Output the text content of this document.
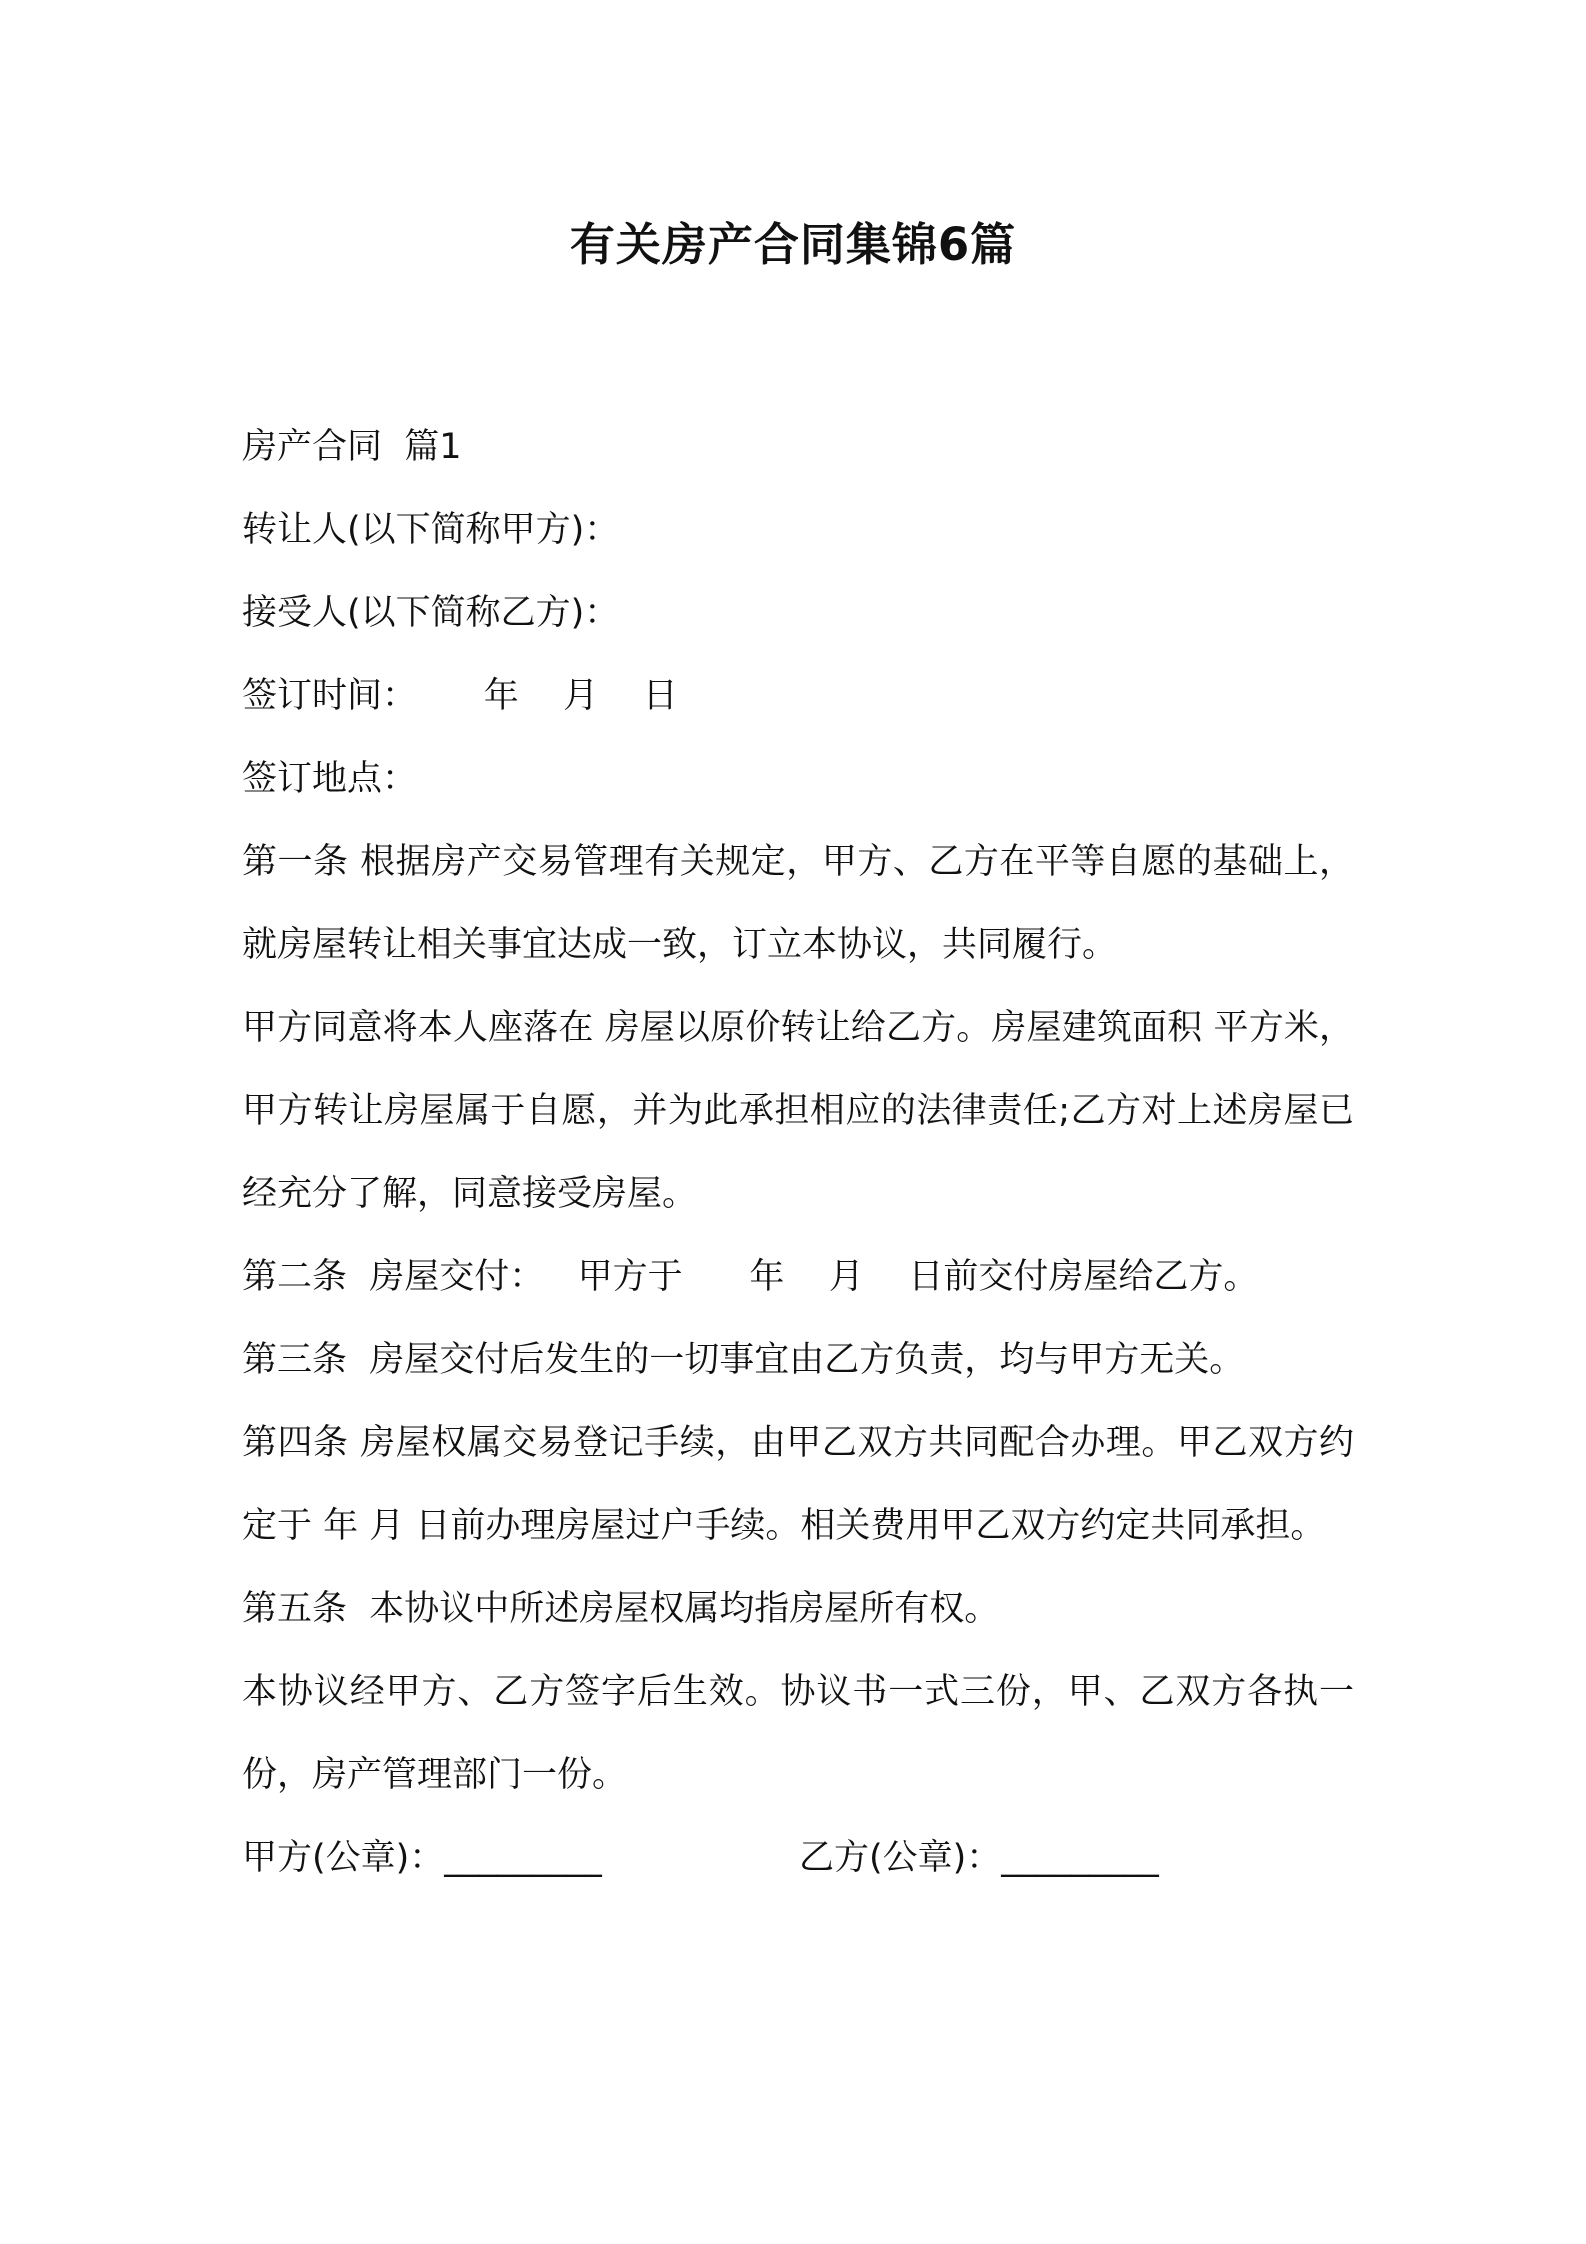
有关房产合同集锦6篇
房产合同  篇1
转让人(以下简称甲方)：
接受人(以下简称乙方)：
签订时间：      年    月    日
签订地点：
第一条 根据房产交易管理有关规定，甲方、乙方在平等自愿的基础上，就房屋转让相关事宜达成一致，订立本协议，共同履行。
甲方同意将本人座落在 房屋以原价转让给乙方。房屋建筑面积 平方米，甲方转让房屋属于自愿，并为此承担相应的法律责任;乙方对上述房屋已经充分了解，同意接受房屋。
第二条  房屋交付：   甲方于      年    月    日前交付房屋给乙方。
第三条  房屋交付后发生的一切事宜由乙方负责，均与甲方无关。
第四条 房屋权属交易登记手续，由甲乙双方共同配合办理。甲乙双方约定于 年 月 日前办理房屋过户手续。相关费用甲乙双方约定共同承担。
第五条  本协议中所述房屋权属均指房屋所有权。
本协议经甲方、乙方签字后生效。协议书一式三份，甲、乙双方各执一份，房产管理部门一份。
甲方(公章)：_________	乙方(公章)：_________
